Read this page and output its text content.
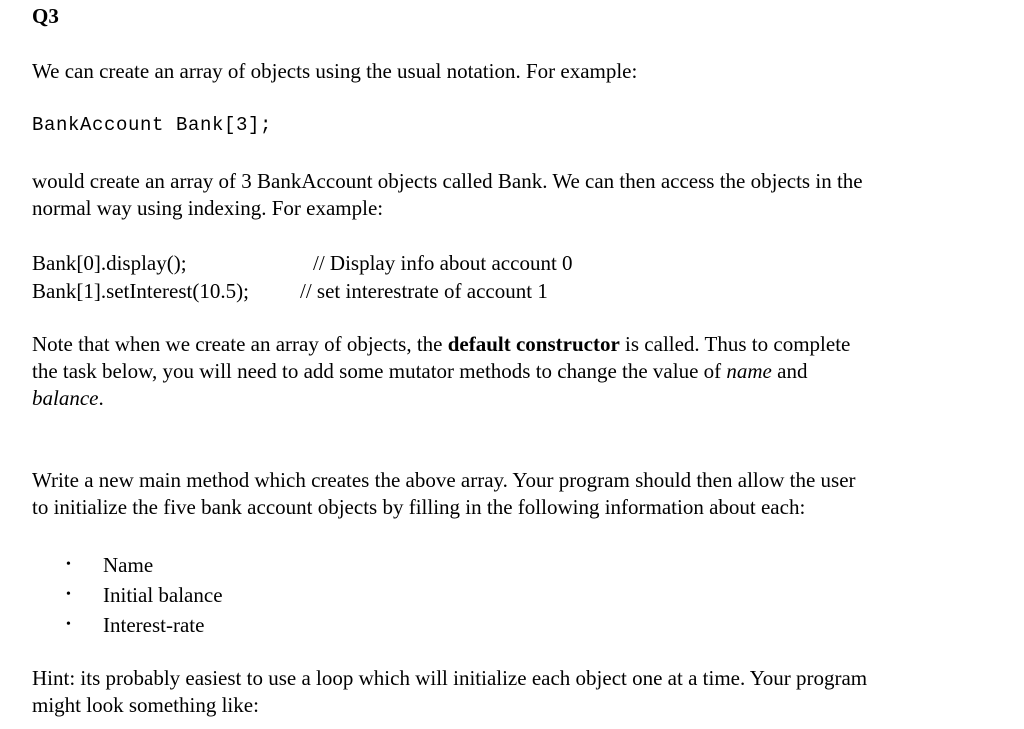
Q3
We can create an array of objects using the usual notation. For example:
BankAccount Bank[3];
would create an array of 3 BankAccount objects called Bank. We can then access the objects in the
normal way using indexing. For example:
Bank[0].display();	// Display info about account 0
Bank[1].setInterest(10.5); // set interestrate of account 1
Note that when we create an array of objects, the default constructor is called. Thus to complete
the task below, you will need to add some mutator methods to change the value of name and
balance.
Write a new main method which creates the above array. Your program should then allow the user
to initialize the five bank account objects by filling in the following information about each:
• Name
• Initial balance
• Interest-rate
Hint: its probably easiest to use a loop which will initialize each object one at a time. Your program
might look something like:
